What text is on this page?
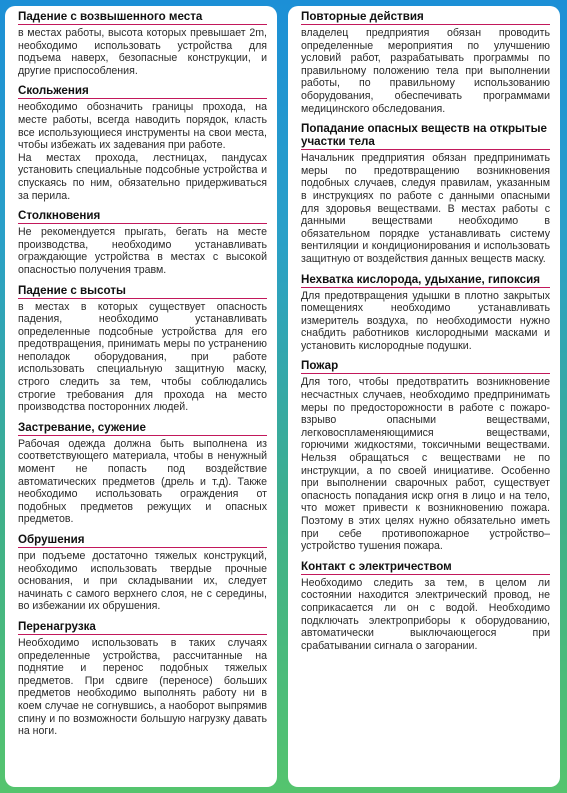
Падение с возвышенного места
в местах работы, высота которых превышает 2m, необходимо использовать устройства для подъема наверх, безопасные конструкции, и другие приспособления.
Скольжения
необходимо обозначить границы прохода, на месте работы, всегда наводить порядок, класть все использующиеся инструменты на свои места, чтобы избежать их задевания при работе.
На местах прохода, лестницах, пандусах установить специальные подсобные устройства и спускаясь по ним, обязательно придерживаться за перила.
Столкновения
Не рекомендуется прыгать, бегать на месте производства, необходимо устанавливать ограждающие устройства в местах с высокой опасностью получения травм.
Падение с высоты
в местах в которых существует опасность падения, необходимо устанавливать определенные подсобные устройства для его предотвращения, принимать меры по устранению неполадок оборудования, при работе использовать специальную защитную маску, строго следить за тем, чтобы соблюдались строгие требования для прохода на место производства посторонних людей.
Застревание, сужение
Рабочая одежда должна быть выполнена из соответствующего материала, чтобы в ненужный момент не попасть под воздействие автоматических предметов (дрель и т.д). Также необходимо использовать ограждения от подобных предметов режущих и опасных предметов.
Обрушения
при подъеме достаточно тяжелых конструкций, необходимо использовать твердые прочные основания, и при складывании их, следует начинать с самого верхнего слоя, не с середины, во избежании их обрушения.
Перенагрузка
Необходимо использовать в таких случаях определенные устройства, рассчитанные на поднятие и перенос подобных тяжелых предметов. При сдвиге (переносе) больших предметов необходимо выполнять работу ни в коем случае не согнувшись, а наоборот выпрямив спину и по возможности большую нагрузку давать на ноги.
Повторные действия
владелец предприятия обязан проводить определенные мероприятия по улучшению условий работ, разрабатывать программы по правильному положению тела при выполнении работы, по правильному использованию оборудования, обеспечивать программами медицинского обследования.
Попадание опасных веществ на открытые участки тела
Начальник предприятия обязан предпринимать меры по предотвращению возникновения подобных случаев, следуя правилам, указанным в инструкциях по работе с данными опасными для здоровья веществами. В местах работы с данными веществами необходимо в обязательном порядке устанавливать систему вентиляции и кондиционирования и использовать защитную от воздействия данных веществ маску.
Нехватка кислорода, удыхание, гипоксия
Для предотвращения удышки в плотно закрытых помещениях необходимо устанавливать измеритель воздуха, по необходимости нужно снабдить работников кислородными масками и установить кислородные подушки.
Пожар
Для того, чтобы предотвратить возникновение несчастных случаев, необходимо предпринимать меры по предосторожности в работе с пожаро-взрыво опасными веществами, легковоспламеняющимися веществами, горючими жидкостями, токсичными веществами. Нельзя обращаться с веществами не по инструкции, а по своей инициативе. Особенно при выполнении сварочных работ, существует опасность попадания искр огня в лицо и на тело, что может привести к возникновению пожара. Поэтому в этих целях нужно обязательно иметь при себе противопожарное устройство–устройство тушения пожара.
Контакт с электричеством
Необходимо следить за тем, в целом ли состоянии находится электрический провод, не соприкасается ли он с водой. Необходимо подключать электроприборы к оборудованию, автоматически выключающегося при срабатывании сигнала о загорании.
